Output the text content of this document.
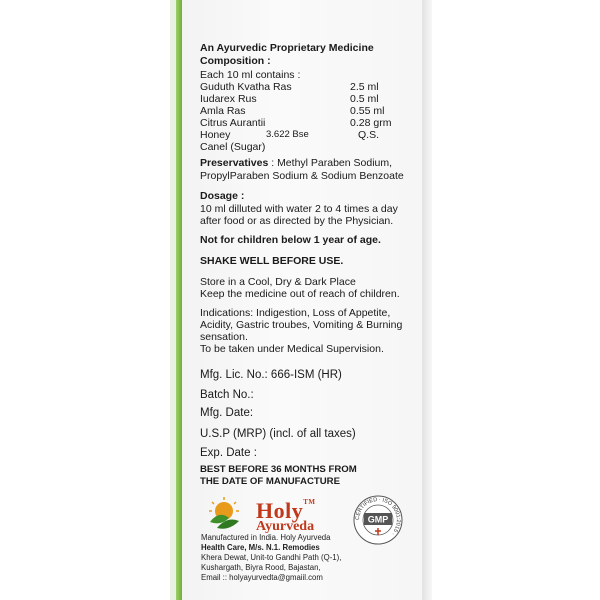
An Ayurvedic Proprietary Medicine
Composition :
Each 10 ml contains :
Guduth Kvatha Ras	2.5 ml
Iudarex Rus	0.5 ml
Amla Ras	0.55 ml
Citrus Aurantii	0.28 grm
Honey	3.622 Bse	Q.S.
Canel (Sugar)
Preservatives : Methyl Paraben Sodium,
PropylParaben Sodium & Sodium Benzoate
Dosage :
10 ml dilluted with water 2 to 4 times a day
after food or as directed by the Physician.
Not for children below 1 year of age.
SHAKE WELL BEFORE USE.
Store in a Cool, Dry & Dark Place
Keep the medicine out of reach of children.
Indications: Indigestion, Loss of Appetite,
Acidity, Gastric troubes, Vomiting & Burning
sensation.
To be taken under Medical Supervision.
Mfg. Lic. No.: 666-ISM (HR)
Batch No.:
Mfg. Date:
U.S.P (MRP) (incl. of all taxes)
Exp. Date :
BEST BEFORE 36 MONTHS FROM
THE DATE OF MANUFACTURE
Holy™
Ayurveda
CERTIFIED · ISO 9001:2015 ·
GMP
Manufactured in India. Holy Ayurveda
Health Care, M/s. N.1. Remodies
Khera Dewat, Unit-to Gandhi Path (Q-1),
Kushargath, Biyra Rood, Bajastan,
Email :: holyayurvedta@gmaiil.com
